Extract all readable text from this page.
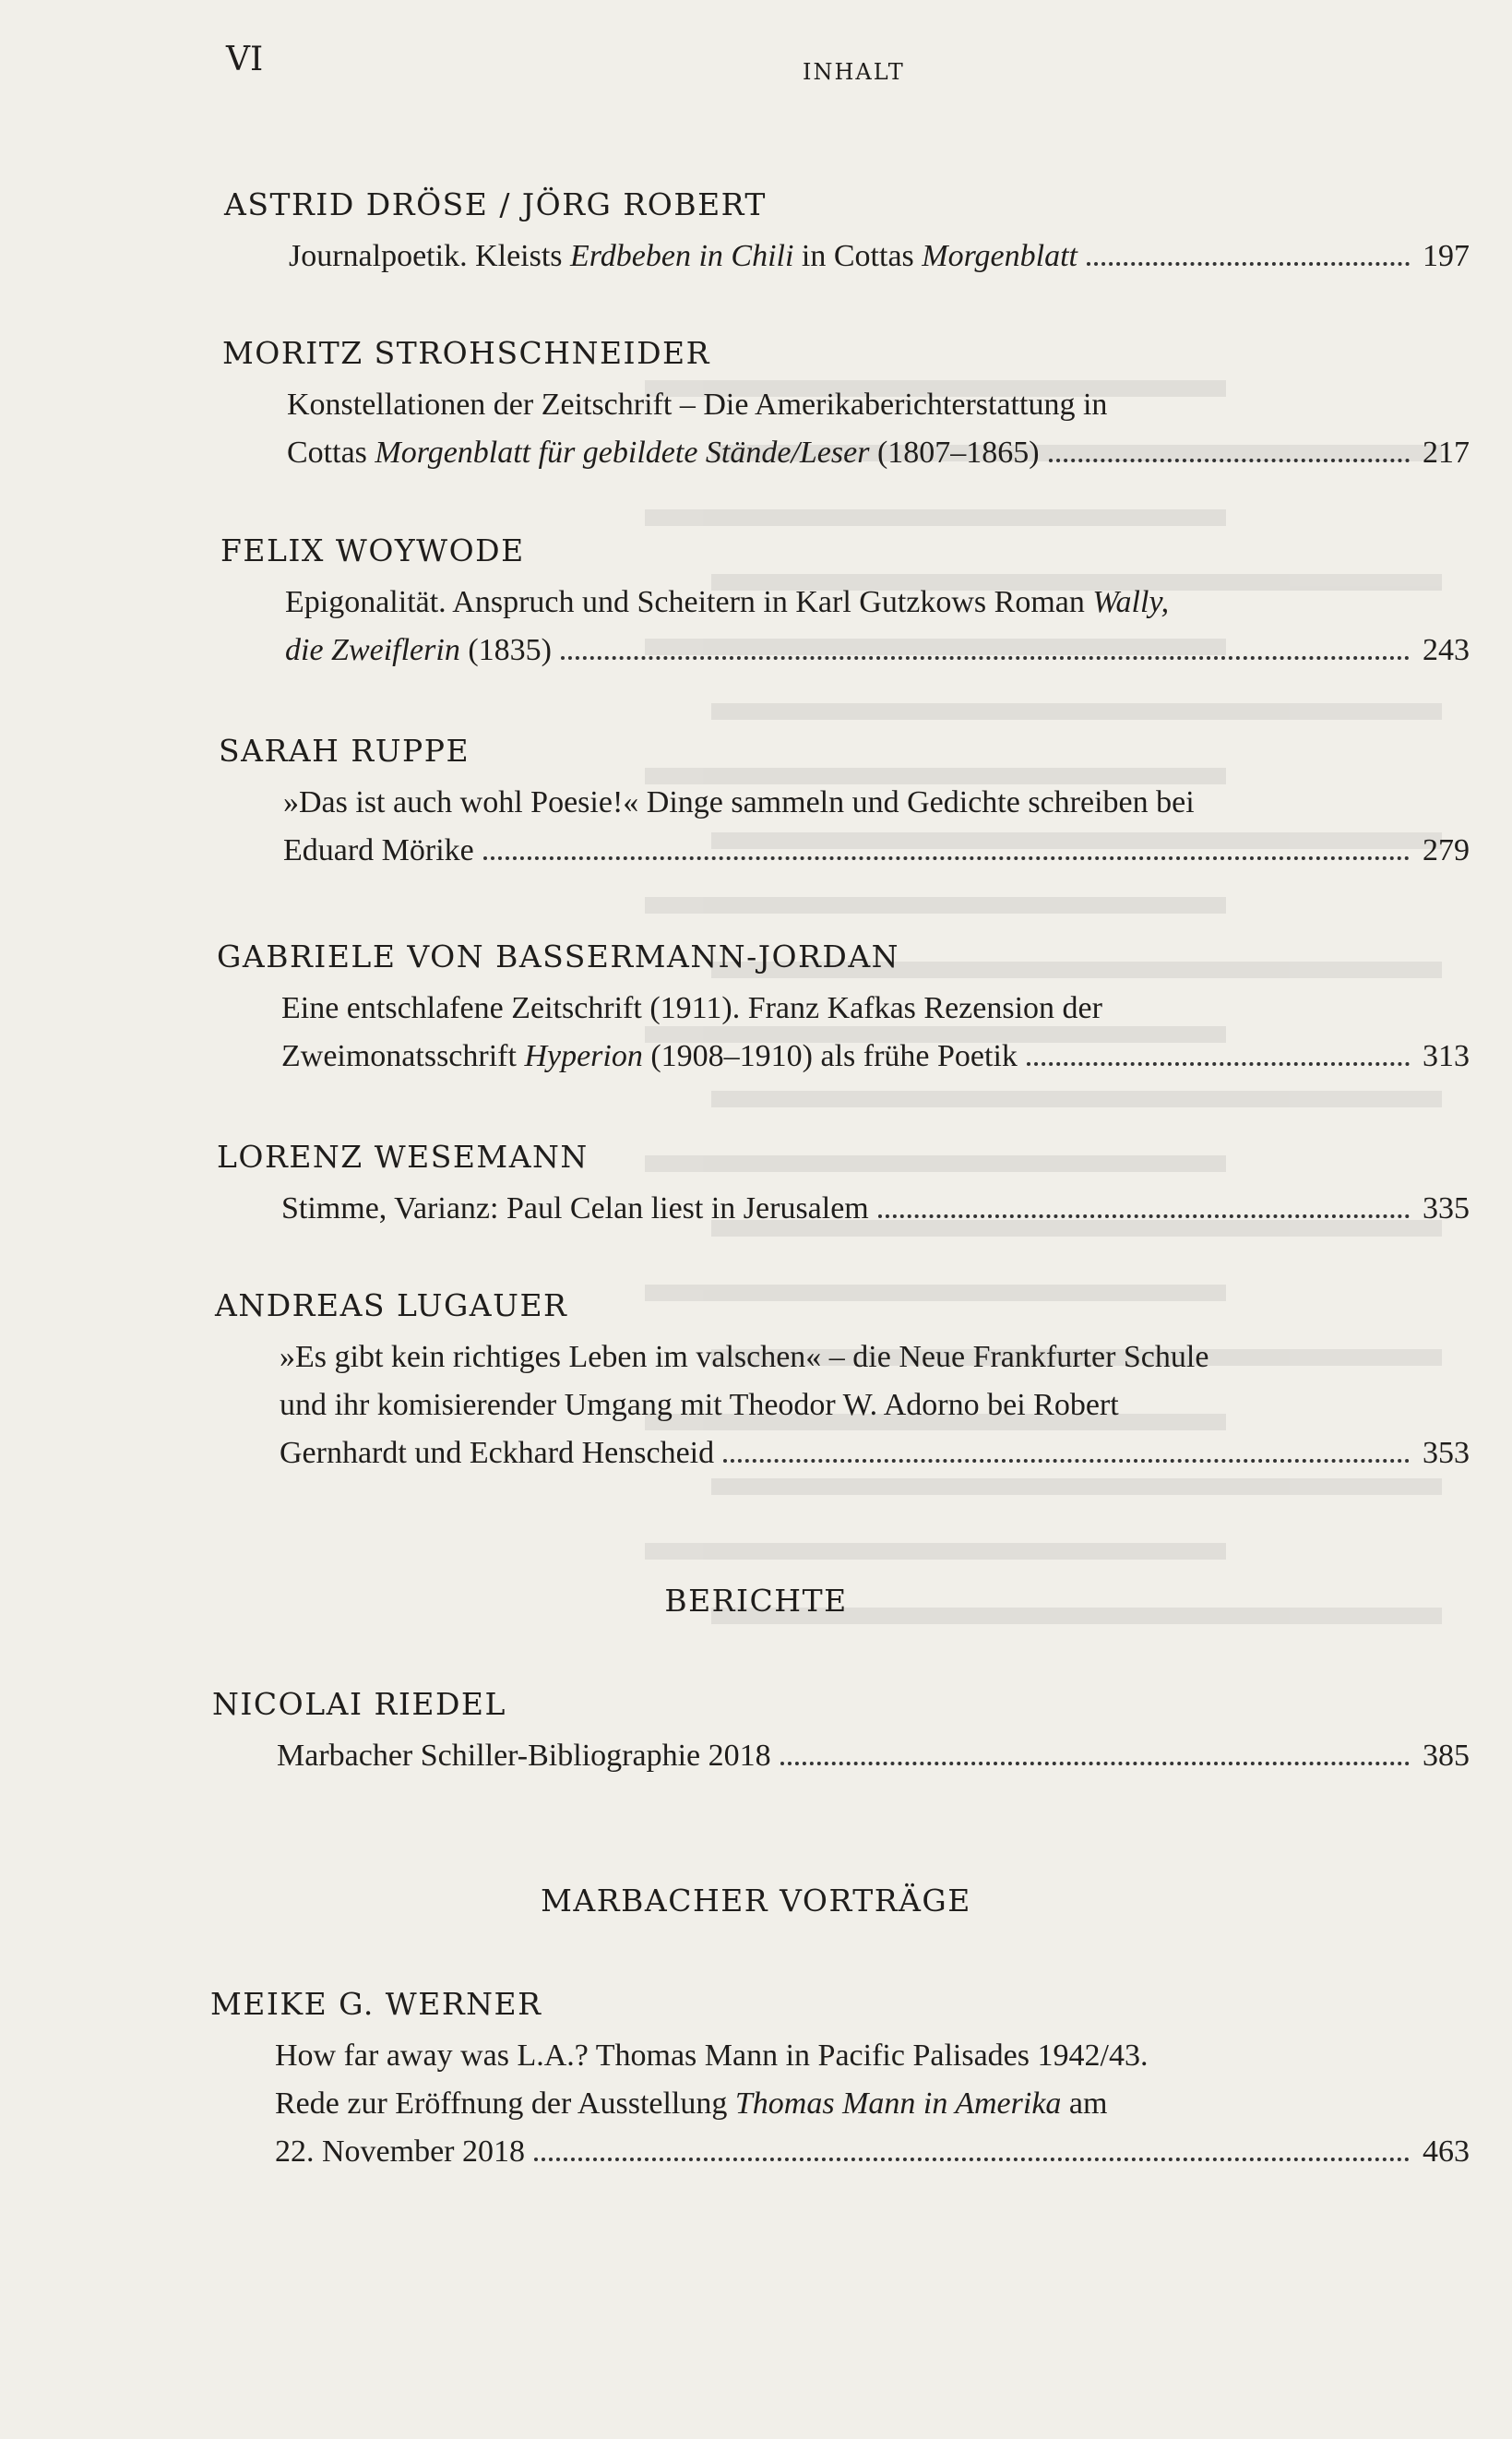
VI	INHALT
ASTRID DRÖSE / JÖRG ROBERT
Journalpoetik. Kleists Erdbeben in Chili in Cottas Morgenblatt	197
MORITZ STROHSCHNEIDER
Konstellationen der Zeitschrift – Die Amerikaberichterstattung in
Cottas Morgenblatt für gebildete Stände/Leser (1807–1865)	217
FELIX WOYWODE
Epigonalität. Anspruch und Scheitern in Karl Gutzkows Roman Wally,
die Zweiflerin (1835)	243
SARAH RUPPE
»Das ist auch wohl Poesie!« Dinge sammeln und Gedichte schreiben bei
Eduard Mörike	279
GABRIELE VON BASSERMANN-JORDAN
Eine entschlafene Zeitschrift (1911). Franz Kafkas Rezension der
Zweimonatsschrift Hyperion (1908–1910) als frühe Poetik	313
LORENZ WESEMANN
Stimme, Varianz: Paul Celan liest in Jerusalem	335
ANDREAS LUGAUER
»Es gibt kein richtiges Leben im valschen« – die Neue Frankfurter Schule
und ihr komisierender Umgang mit Theodor W. Adorno bei Robert
Gernhardt und Eckhard Henscheid	353
BERICHTE
NICOLAI RIEDEL
Marbacher Schiller-Bibliographie 2018	385
MARBACHER VORTRÄGE
MEIKE G. WERNER
How far away was L.A.? Thomas Mann in Pacific Palisades 1942/43.
Rede zur Eröffnung der Ausstellung Thomas Mann in Amerika am
22. November 2018	463
